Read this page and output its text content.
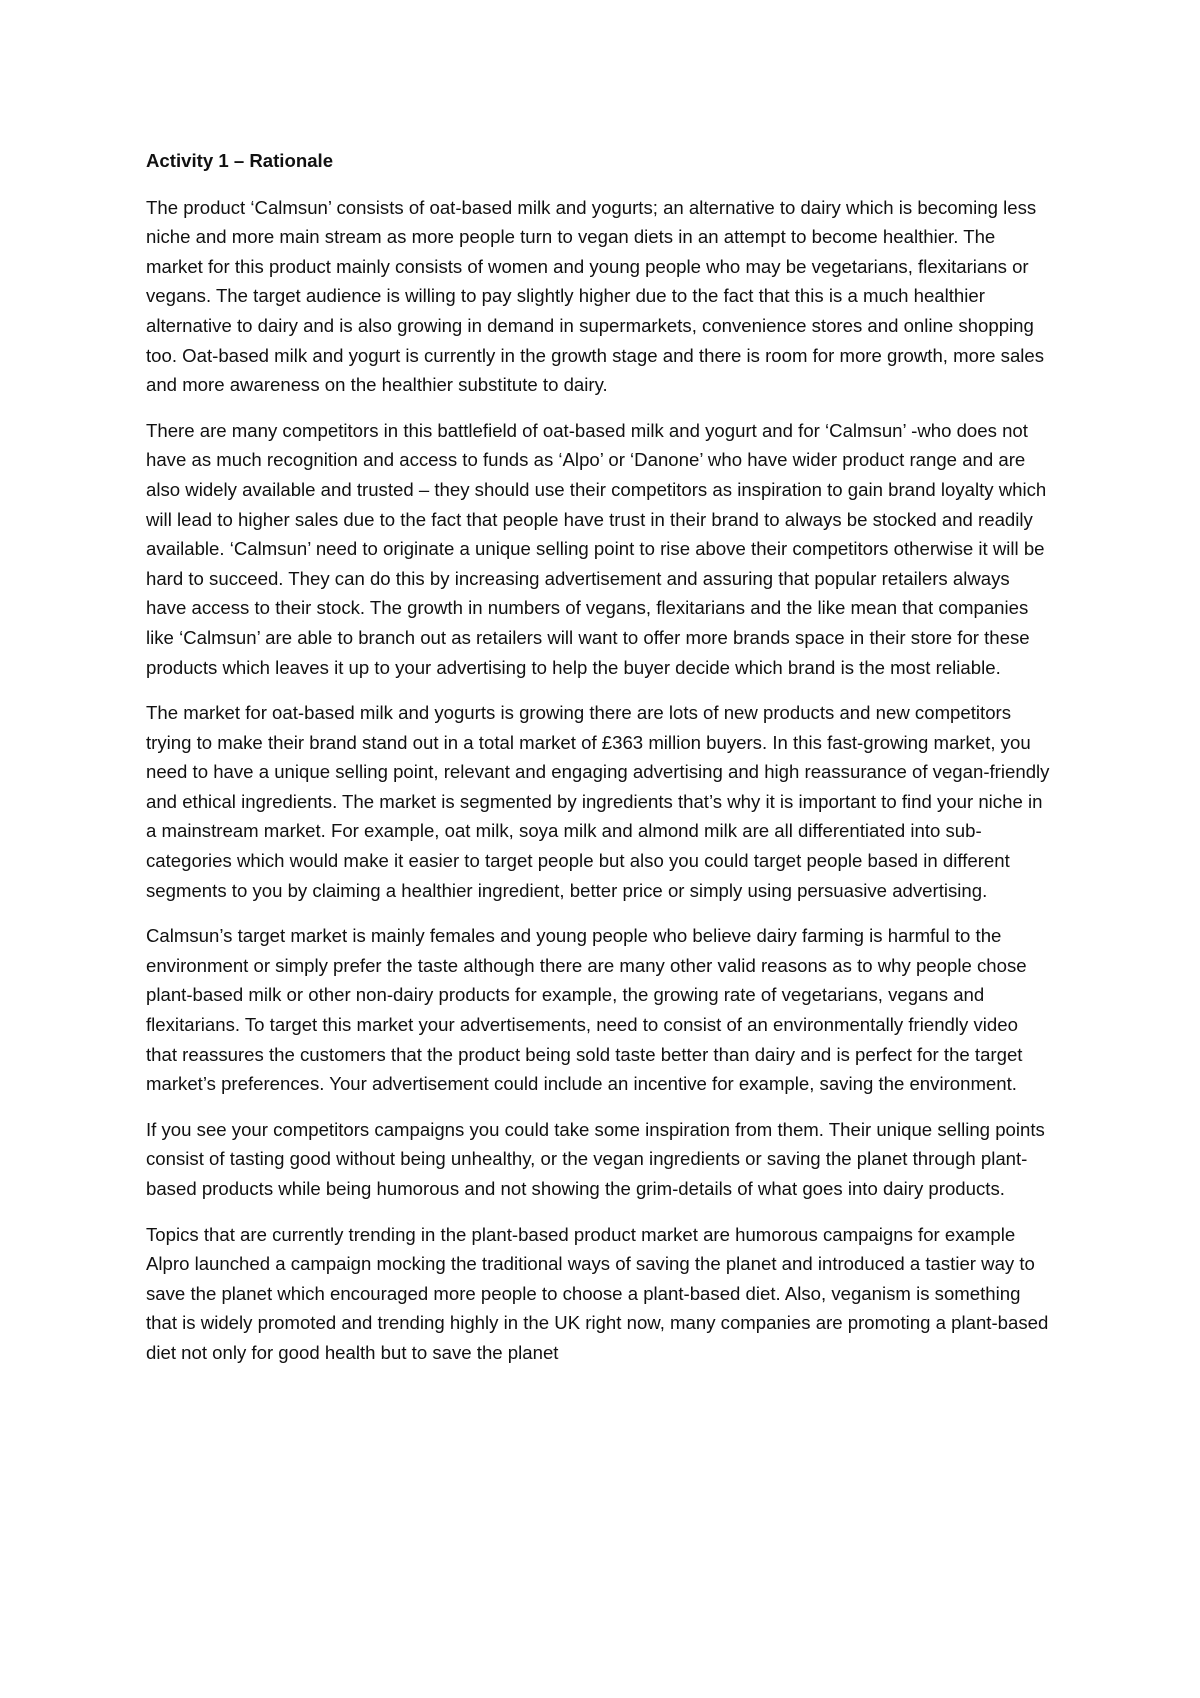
Activity 1 – Rationale

The product ‘Calmsun’ consists of oat-based milk and yogurts; an alternative to dairy which is becoming less niche and more main stream as more people turn to vegan diets in an attempt to become healthier. The market for this product mainly consists of women and young people who may be vegetarians, flexitarians or vegans. The target audience is willing to pay slightly higher due to the fact that this is a much healthier alternative to dairy and is also growing in demand in supermarkets, convenience stores and online shopping too. Oat-based milk and yogurt is currently in the growth stage and there is room for more growth, more sales and more awareness on the healthier substitute to dairy.

There are many competitors in this battlefield of oat-based milk and yogurt and for ‘Calmsun’ -who does not have as much recognition and access to funds as ‘Alpo’ or ‘Danone’ who have wider product range and are also widely available and trusted – they should use their competitors as inspiration to gain brand loyalty which will lead to higher sales due to the fact that people have trust in their brand to always be stocked and readily available. ‘Calmsun’ need to originate a unique selling point to rise above their competitors otherwise it will be hard to succeed. They can do this by increasing advertisement and assuring that popular retailers always have access to their stock. The growth in numbers of vegans, flexitarians and the like mean that companies like ‘Calmsun’ are able to branch out as retailers will want to offer more brands space in their store for these products which leaves it up to your advertising to help the buyer decide which brand is the most reliable.

The market for oat-based milk and yogurts is growing there are lots of new products and new competitors trying to make their brand stand out in a total market of £363 million buyers. In this fast-growing market, you need to have a unique selling point, relevant and engaging advertising and high reassurance of vegan-friendly and ethical ingredients. The market is segmented by ingredients that’s why it is important to find your niche in a mainstream market. For example, oat milk, soya milk and almond milk are all differentiated into sub-categories which would make it easier to target people but also you could target people based in different segments to you by claiming a healthier ingredient, better price or simply using persuasive advertising.

Calmsun’s target market is mainly females and young people who believe dairy farming is harmful to the environment or simply prefer the taste although there are many other valid reasons as to why people chose plant-based milk or other non-dairy products for example, the growing rate of vegetarians, vegans and flexitarians. To target this market your advertisements, need to consist of an environmentally friendly video that reassures the customers that the product being sold taste better than dairy and is perfect for the target market’s preferences. Your advertisement could include an incentive for example, saving the environment.

If you see your competitors campaigns you could take some inspiration from them. Their unique selling points consist of tasting good without being unhealthy, or the vegan ingredients or saving the planet through plant-based products while being humorous and not showing the grim-details of what goes into dairy products.

Topics that are currently trending in the plant-based product market are humorous campaigns for example Alpro launched a campaign mocking the traditional ways of saving the planet and introduced a tastier way to save the planet which encouraged more people to choose a plant-based diet. Also, veganism is something that is widely promoted and trending highly in the UK right now, many companies are promoting a plant-based diet not only for good health but to save the planet
